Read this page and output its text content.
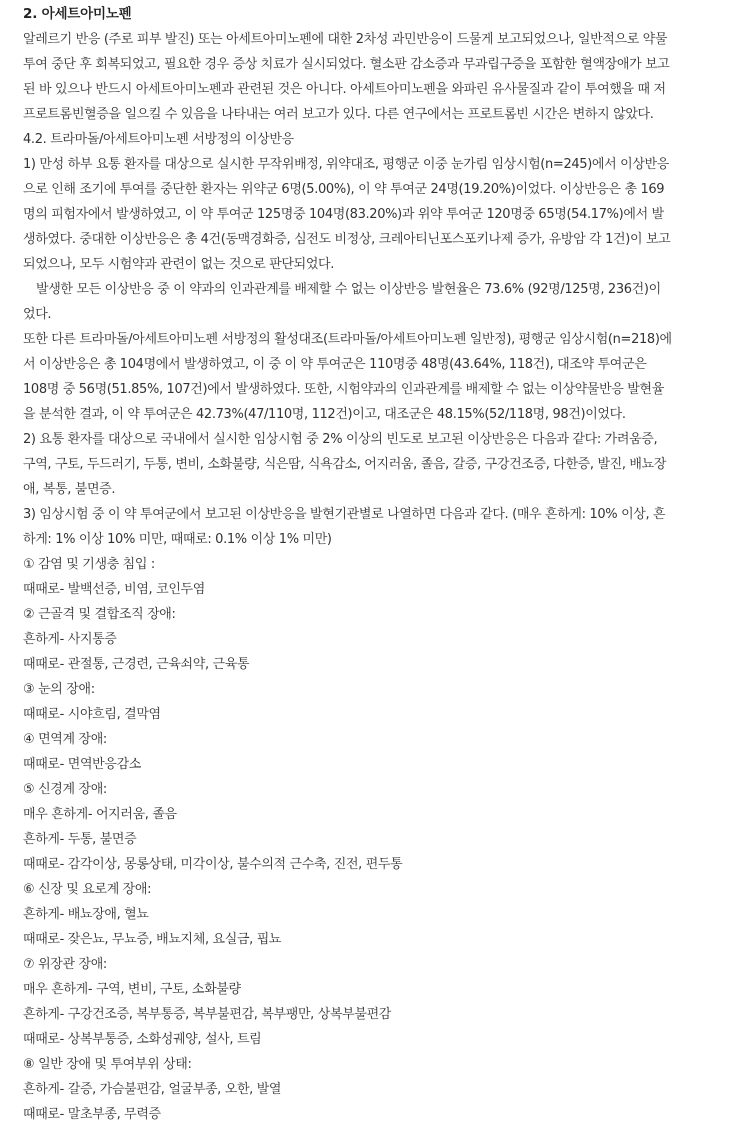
2. 아세트아미노펜
알레르기 반응 (주로 피부 발진) 또는 아세트아미노펜에 대한 2차성 과민반응이 드물게 보고되었으나, 일반적으로 약물
투여 중단 후 회복되었고, 필요한 경우 증상 치료가 실시되었다. 혈소판 감소증과 무과립구증을 포함한 혈액장애가 보고
된 바 있으나 반드시 아세트아미노펜과 관련된 것은 아니다. 아세트아미노펜을 와파린 유사물질과 같이 투여했을 때 저
프로트롬빈혈증을 일으킬 수 있음을 나타내는 여러 보고가 있다. 다른 연구에서는 프로트롬빈 시간은 변하지 않았다.
4.2. 트라마돌/아세트아미노펜 서방정의 이상반응
1) 만성 하부 요통 환자를 대상으로 실시한 무작위배정, 위약대조, 평행군 이중 눈가림 임상시험(n=245)에서 이상반응
으로 인해 조기에 투여를 중단한 환자는 위약군 6명(5.00%), 이 약 투여군 24명(19.20%)이었다. 이상반응은 총 169
명의 피험자에서 발생하였고, 이 약 투여군 125명중 104명(83.20%)과 위약 투여군 120명중 65명(54.17%)에서 발
생하였다. 중대한 이상반응은 총 4건(동맥경화증, 심전도 비정상, 크레아티닌포스포키나제 증가, 유방암 각 1건)이 보고
되었으나, 모두 시험약과 관련이 없는 것으로 판단되었다.
발생한 모든 이상반응 중 이 약과의 인과관계를 배제할 수 없는 이상반응 발현율은 73.6% (92명/125명, 236건)이
었다.
또한 다른 트라마돌/아세트아미노펜 서방정의 활성대조(트라마돌/아세트아미노펜 일반정), 평행군 임상시험(n=218)에
서 이상반응은 총 104명에서 발생하였고, 이 중 이 약 투여군은 110명중 48명(43.64%, 118건), 대조약 투여군은
108명 중 56명(51.85%, 107건)에서 발생하였다. 또한, 시험약과의 인과관계를 배제할 수 없는 이상약물반응 발현율
을 분석한 결과, 이 약 투여군은 42.73%(47/110명, 112건)이고, 대조군은 48.15%(52/118명, 98건)이었다.
2) 요통 환자를 대상으로 국내에서 실시한 임상시험 중 2% 이상의 빈도로 보고된 이상반응은 다음과 같다: 가려움증,
구역, 구토, 두드러기, 두통, 변비, 소화불량, 식은땀, 식욕감소, 어지러움, 졸음, 갈증, 구강건조증, 다한증, 발진, 배뇨장
애, 복통, 불면증.
3) 임상시험 중 이 약 투여군에서 보고된 이상반응을 발현기관별로 나열하면 다음과 같다. (매우 흔하게: 10% 이상, 흔
하게: 1% 이상 10% 미만, 때때로: 0.1% 이상 1% 미만)
① 감염 및 기생충 침입 :
때때로- 발백선증, 비염, 코인두염
② 근골격 및 결합조직 장애:
흔하게- 사지통증
때때로- 관절통, 근경련, 근육쇠약, 근육통
③ 눈의 장애:
때때로- 시야흐림, 결막염
④ 면역계 장애:
때때로- 면역반응감소
⑤ 신경계 장애:
매우 흔하게- 어지러움, 졸음
흔하게- 두통, 불면증
때때로- 감각이상, 몽롱상태, 미각이상, 불수의적 근수축, 진전, 편두통
⑥ 신장 및 요로계 장애:
흔하게- 배뇨장애, 혈뇨
때때로- 잦은뇨, 무뇨증, 배뇨지체, 요실금, 핍뇨
⑦ 위장관 장애:
매우 흔하게- 구역, 변비, 구토, 소화불량
흔하게- 구강건조증, 복부통증, 복부불편감, 복부팽만, 상복부불편감
때때로- 상복부통증, 소화성궤양, 설사, 트림
⑧ 일반 장애 및 투여부위 상태:
흔하게- 갈증, 가슴불편감, 얼굴부종, 오한, 발열
때때로- 말초부종, 무력증
